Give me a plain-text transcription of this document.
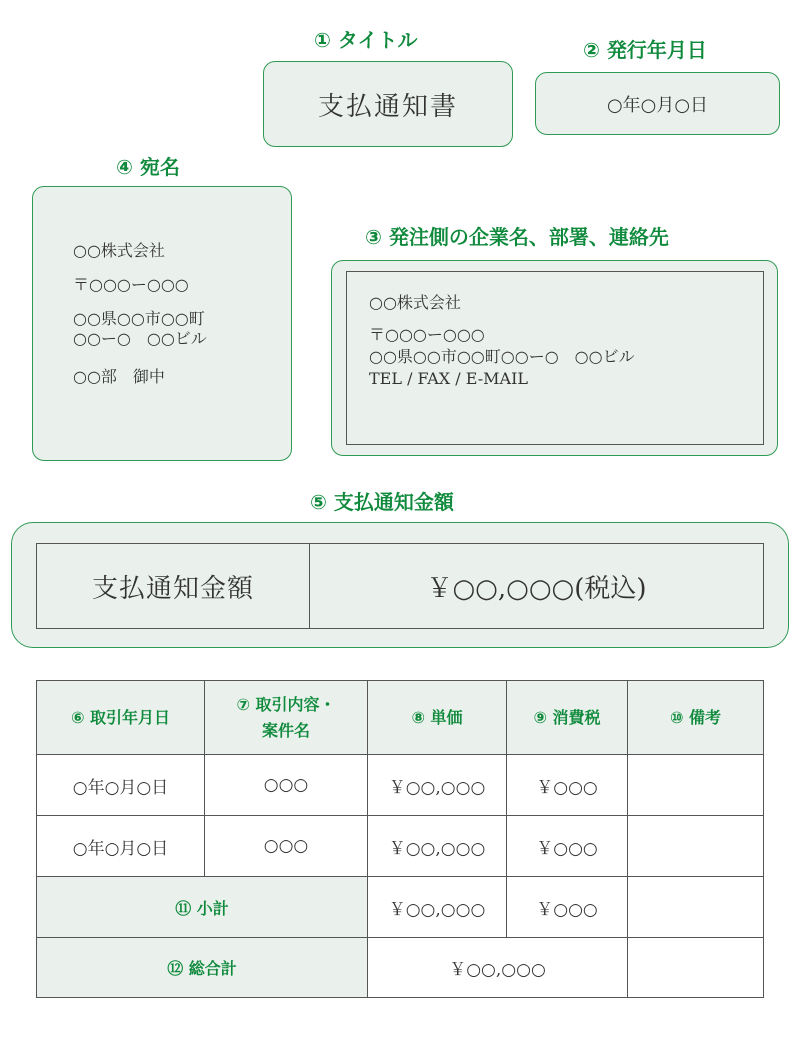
① タイトル	② 発行年月日
④ 宛名
③ 発注側の企業名、部署、連絡先
⑤ 支払通知金額
支払通知書	○年○月○日
○○株式会社
〒○○○ー○○○
○○県○○市○○町
○○ー○　○○ビル
○○部　御中
○○株式会社
〒○○○ー○○○
○○県○○市○○町○○ー○　○○ビル
TEL / FAX / E-MAIL
支払通知金額	￥○○,○○○(税込)
⑥ 取引年月日	⑦ 取引内容・
案件名	⑧ 単価	⑨ 消費税	⑩ 備考
○年○月○日	○○○	￥○○,○○○	￥○○○	
○年○月○日	○○○	￥○○,○○○	￥○○○	
⑪ 小計		￥○○,○○○	￥○○○	
⑫ 総合計		￥○○,○○○		
